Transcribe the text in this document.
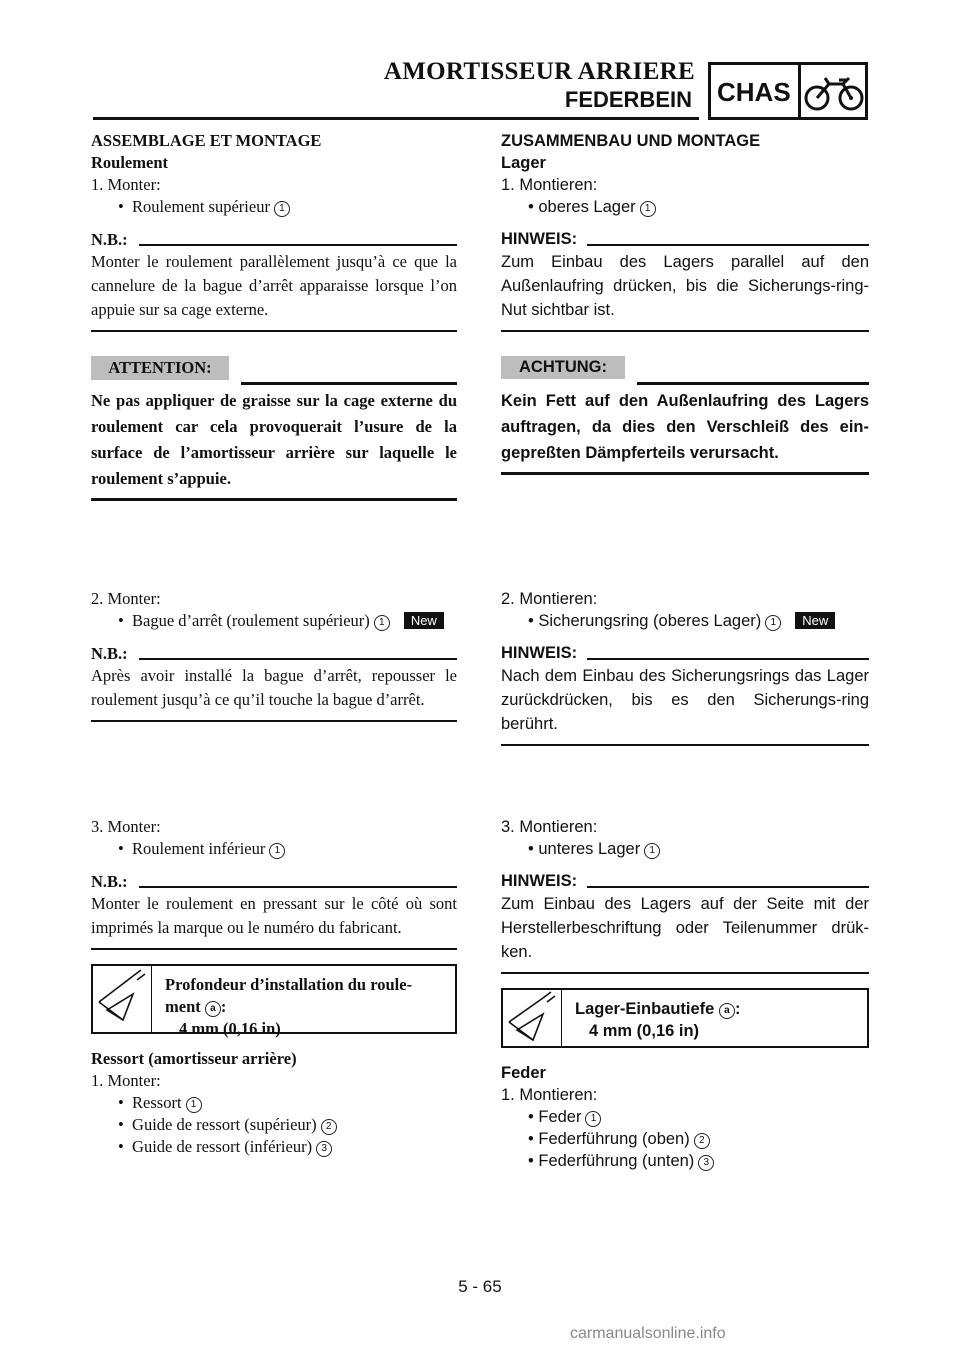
AMORTISSEUR ARRIERE
FEDERBEIN CHAS
ASSEMBLAGE ET MONTAGE
Roulement
1. Monter:
•  Roulement supérieur 1
N.B.:
Monter le roulement parallèlement jusqu’à ce que la cannelure de la bague d’arrêt apparaisse lorsque l’on appuie sur sa cage externe.
ATTENTION:
Ne pas appliquer de graisse sur la cage externe du roulement car cela provoquerait l’usure de la surface de l’amortisseur arrière sur laquelle le roulement s’appuie.
2. Monter:
•  Bague d’arrêt (roulement supérieur) 1 New
N.B.:
Après avoir installé la bague d’arrêt, repousser le roulement jusqu’à ce qu’il touche la bague d’arrêt.
3. Monter:
•  Roulement inférieur 1
N.B.:
Monter le roulement en pressant sur le côté où sont imprimés la marque ou le numéro du fabricant.
Profondeur d’installation du roule-
ment a :
4 mm (0,16 in)
Ressort (amortisseur arrière)
1. Monter:
•  Ressort 1
•  Guide de ressort (supérieur) 2
•  Guide de ressort (inférieur) 3
ZUSAMMENBAU UND MONTAGE
Lager
1. Montieren:
• oberes Lager 1
HINWEIS:
Zum Einbau des Lagers parallel auf den Außenlaufring drücken, bis die Sicherungs-ring-Nut sichtbar ist.
ACHTUNG:
Kein Fett auf den Außenlaufring des Lagers auftragen, da dies den Verschleiß des ein-gepreßten Dämpferteils verursacht.
2. Montieren:
• Sicherungsring (oberes Lager) 1 New
HINWEIS:
Nach dem Einbau des Sicherungsrings das Lager zurückdrücken, bis es den Sicherungs-ring berührt.
3. Montieren:
• unteres Lager 1
HINWEIS:
Zum Einbau des Lagers auf der Seite mit der Herstellerbeschriftung oder Teilenummer drük-ken.
Lager-Einbautiefe a :
4 mm (0,16 in)
Feder
1. Montieren:
• Feder 1
• Federführung (oben) 2
• Federführung (unten) 3
5 - 65
carmanualsonline.info
